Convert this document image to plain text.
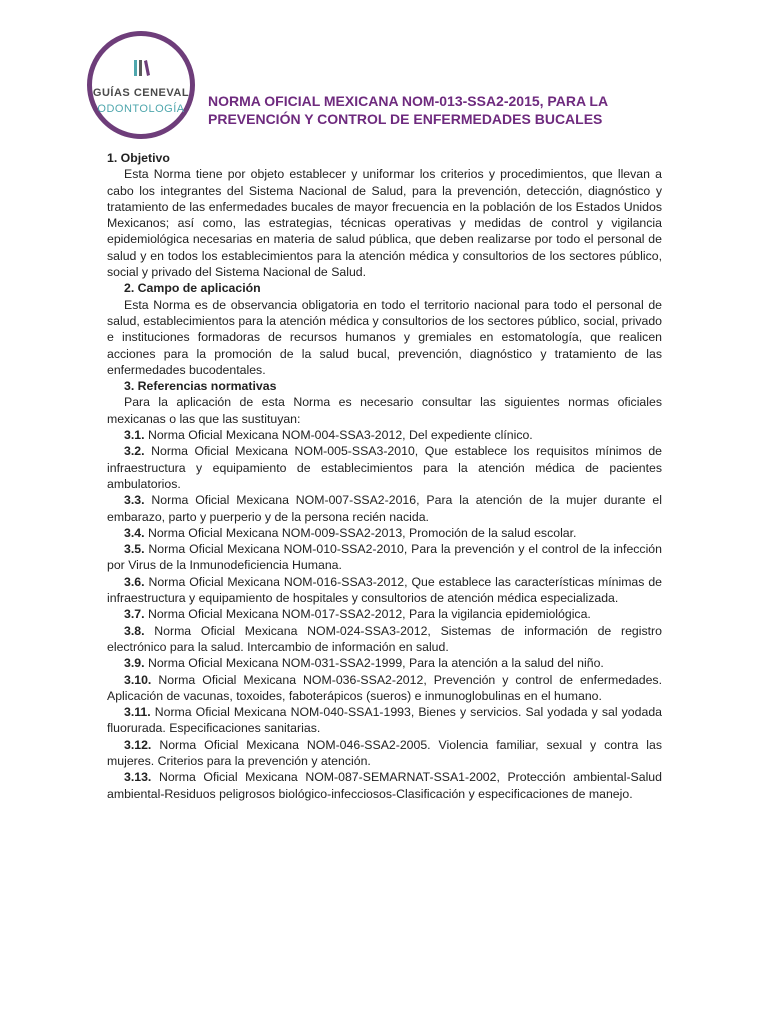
GUÍAS CENEVAL
ODONTOLOGÍA	NORMA OFICIAL MEXICANA NOM-013-SSA2-2015, PARA LA PREVENCIÓN Y CONTROL DE ENFERMEDADES BUCALES

1. Objetivo

Esta Norma tiene por objeto establecer y uniformar los criterios y procedimientos, que llevan a cabo los integrantes del Sistema Nacional de Salud, para la prevención, detección, diagnóstico y tratamiento de las enfermedades bucales de mayor frecuencia en la población de los Estados Unidos Mexicanos; así como, las estrategias, técnicas operativas y medidas de control y vigilancia epidemiológica necesarias en materia de salud pública, que deben realizarse por todo el personal de salud y en todos los establecimientos para la atención médica y consultorios de los sectores público, social y privado del Sistema Nacional de Salud.

2. Campo de aplicación

Esta Norma es de observancia obligatoria en todo el territorio nacional para todo el personal de salud, establecimientos para la atención médica y consultorios de los sectores público, social, privado e instituciones formadoras de recursos humanos y gremiales en estomatología, que realicen acciones para la promoción de la salud bucal, prevención, diagnóstico y tratamiento de las enfermedades bucodentales.

3. Referencias normativas

Para la aplicación de esta Norma es necesario consultar las siguientes normas oficiales mexicanas o las que las sustituyan:

3.1. Norma Oficial Mexicana NOM-004-SSA3-2012, Del expediente clínico.

3.2. Norma Oficial Mexicana NOM-005-SSA3-2010, Que establece los requisitos mínimos de infraestructura y equipamiento de establecimientos para la atención médica de pacientes ambulatorios.

3.3. Norma Oficial Mexicana NOM-007-SSA2-2016, Para la atención de la mujer durante el embarazo, parto y puerperio y de la persona recién nacida.

3.4. Norma Oficial Mexicana NOM-009-SSA2-2013, Promoción de la salud escolar.

3.5. Norma Oficial Mexicana NOM-010-SSA2-2010, Para la prevención y el control de la infección por Virus de la Inmunodeficiencia Humana.

3.6. Norma Oficial Mexicana NOM-016-SSA3-2012, Que establece las características mínimas de infraestructura y equipamiento de hospitales y consultorios de atención médica especializada.

3.7. Norma Oficial Mexicana NOM-017-SSA2-2012, Para la vigilancia epidemiológica.

3.8. Norma Oficial Mexicana NOM-024-SSA3-2012, Sistemas de información de registro electrónico para la salud. Intercambio de información en salud.

3.9. Norma Oficial Mexicana NOM-031-SSA2-1999, Para la atención a la salud del niño.

3.10. Norma Oficial Mexicana NOM-036-SSA2-2012, Prevención y control de enfermedades. Aplicación de vacunas, toxoides, faboterápicos (sueros) e inmunoglobulinas en el humano.

3.11. Norma Oficial Mexicana NOM-040-SSA1-1993, Bienes y servicios. Sal yodada y sal yodada fluorurada. Especificaciones sanitarias.

3.12. Norma Oficial Mexicana NOM-046-SSA2-2005. Violencia familiar, sexual y contra las mujeres. Criterios para la prevención y atención.

3.13. Norma Oficial Mexicana NOM-087-SEMARNAT-SSA1-2002, Protección ambiental-Salud ambiental-Residuos peligrosos biológico-infecciosos-Clasificación y especificaciones de manejo.
